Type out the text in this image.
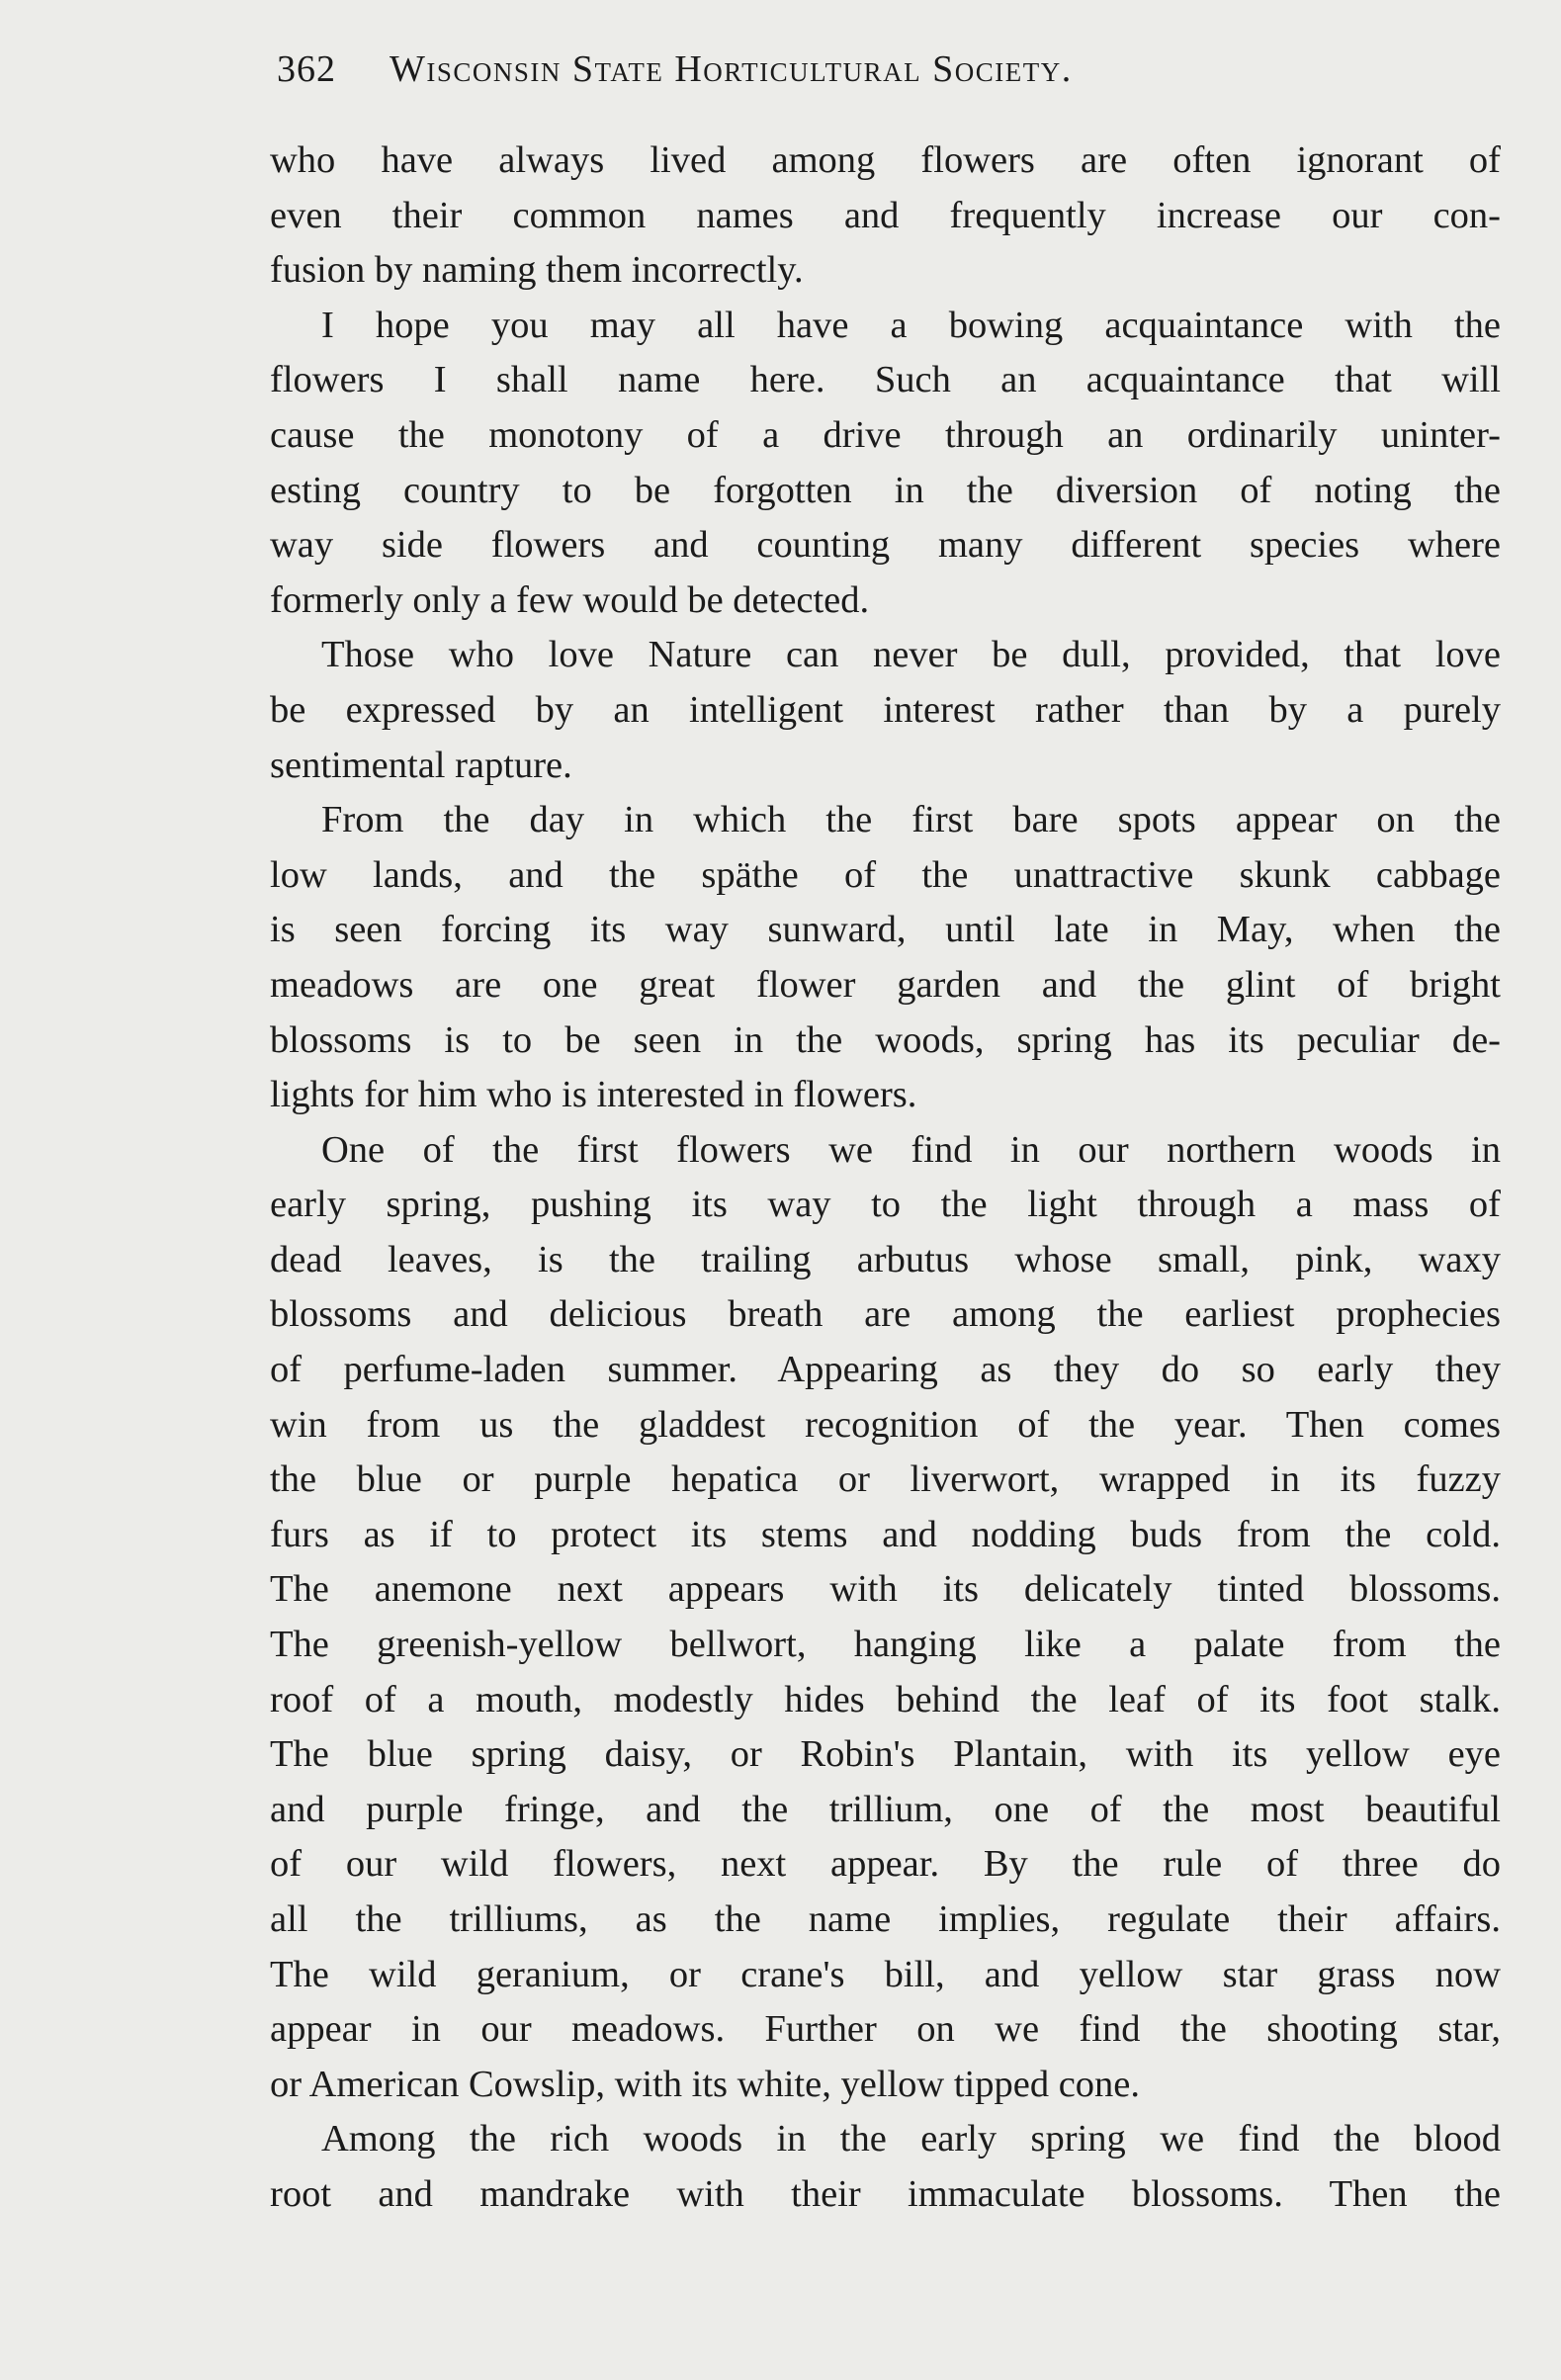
362 Wisconsin State Horticultural Society.
who have always lived among flowers are often ignorant of
even their common names and frequently increase our con-
fusion by naming them incorrectly.
I hope you may all have a bowing acquaintance with the
flowers I shall name here. Such an acquaintance that will
cause the monotony of a drive through an ordinarily uninter-
esting country to be forgotten in the diversion of noting the
way side flowers and counting many different species where
formerly only a few would be detected.
Those who love Nature can never be dull, provided, that love
be expressed by an intelligent interest rather than by a purely
sentimental rapture.
From the day in which the first bare spots appear on the
low lands, and the späthe of the unattractive skunk cabbage
is seen forcing its way sunward, until late in May, when the
meadows are one great flower garden and the glint of bright
blossoms is to be seen in the woods, spring has its peculiar de-
lights for him who is interested in flowers.
One of the first flowers we find in our northern woods in
early spring, pushing its way to the light through a mass of
dead leaves, is the trailing arbutus whose small, pink, waxy
blossoms and delicious breath are among the earliest prophecies
of perfume-laden summer. Appearing as they do so early they
win from us the gladdest recognition of the year. Then comes
the blue or purple hepatica or liverwort, wrapped in its fuzzy
furs as if to protect its stems and nodding buds from the cold.
The anemone next appears with its delicately tinted blossoms.
The greenish-yellow bellwort, hanging like a palate from the
roof of a mouth, modestly hides behind the leaf of its foot stalk.
The blue spring daisy, or Robin's Plantain, with its yellow eye
and purple fringe, and the trillium, one of the most beautiful
of our wild flowers, next appear. By the rule of three do
all the trilliums, as the name implies, regulate their affairs.
The wild geranium, or crane's bill, and yellow star grass now
appear in our meadows. Further on we find the shooting star,
or American Cowslip, with its white, yellow tipped cone.
Among the rich woods in the early spring we find the blood
root and mandrake with their immaculate blossoms. Then the
